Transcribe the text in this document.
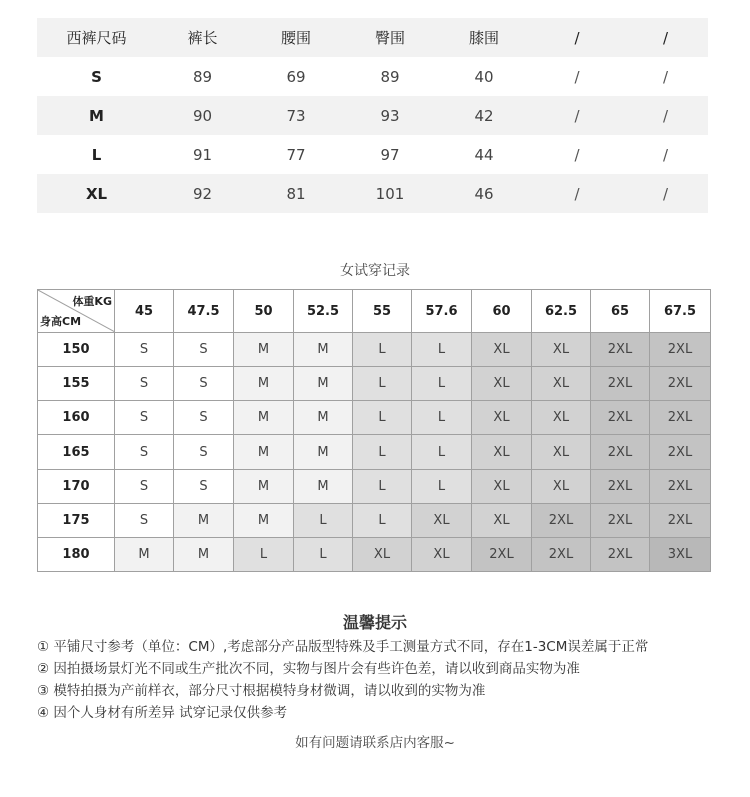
西裤尺码	裤长	腰围	臀围	膝围	/	/
S	89	69	89	40	/	/
M	90	73	93	42	/	/
L	91	77	97	44	/	/
XL	92	81	101	46	/	/
女试穿记录
体重KG
身高CM	45	47.5	50	52.5	55	57.6	60	62.5	65	67.5
150	S	S	M	M	L	L	XL	XL	2XL	2XL
155	S	S	M	M	L	L	XL	XL	2XL	2XL
160	S	S	M	M	L	L	XL	XL	2XL	2XL
165	S	S	M	M	L	L	XL	XL	2XL	2XL
170	S	S	M	M	L	L	XL	XL	2XL	2XL
175	S	M	M	L	L	XL	XL	2XL	2XL	2XL
180	M	M	L	L	XL	XL	2XL	2XL	2XL	3XL
温馨提示
① 平铺尺寸参考（单位：CM）,考虑部分产品版型特殊及手工测量方式不同，存在1-3CM误差属于正常
② 因拍摄场景灯光不同或生产批次不同，实物与图片会有些许色差，请以收到商品实物为准
③ 模特拍摄为产前样衣，部分尺寸根据模特身材微调，请以收到的实物为准
④ 因个人身材有所差异 试穿记录仅供参考
如有问题请联系店内客服~
